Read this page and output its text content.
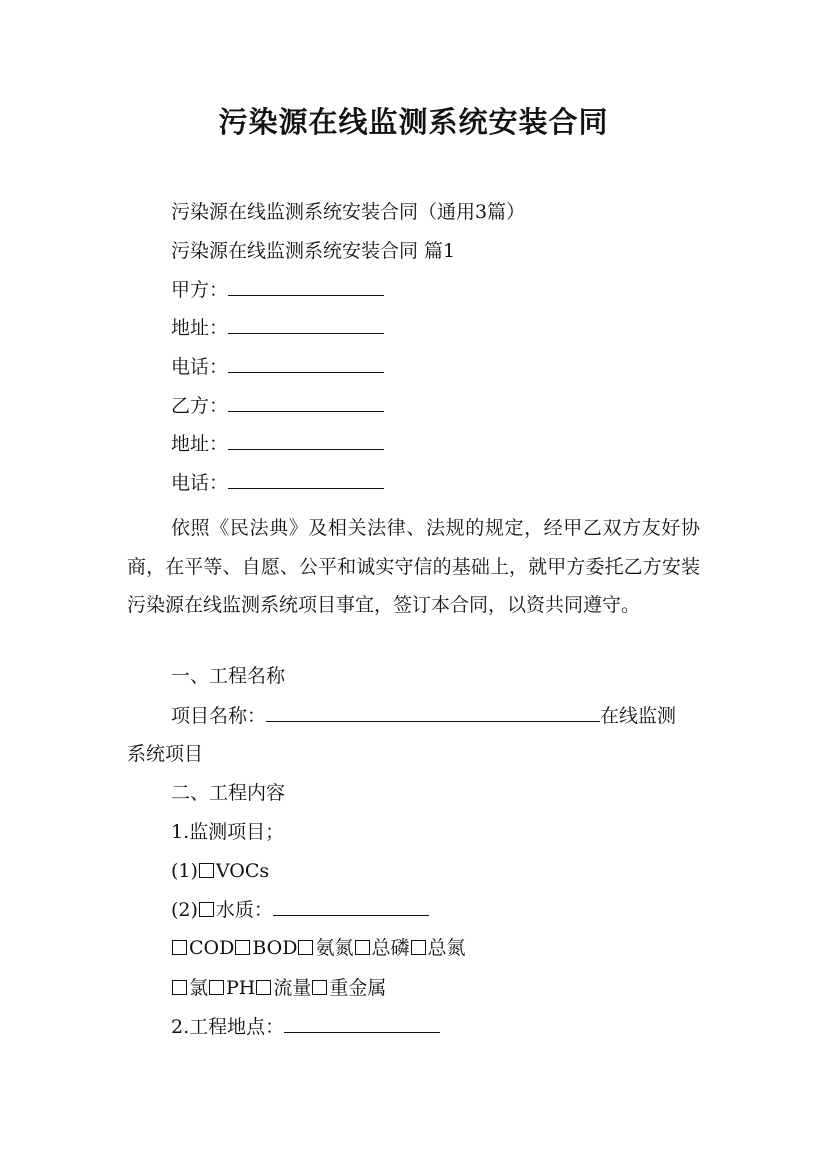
污染源在线监测系统安装合同
污染源在线监测系统安装合同（通用3篇）
污染源在线监测系统安装合同 篇1
甲方：
地址：
电话：
乙方：
地址：
电话：
依照《民法典》及相关法律、法规的规定，经甲乙双方友好协商，在平等、自愿、公平和诚实守信的基础上，就甲方委托乙方安装污染源在线监测系统项目事宜，签订本合同，以资共同遵守。
一、工程名称
项目名称：	在线监测
系统项目
二、工程内容
1.监测项目；
(1) VOCs
(2) 水质：
COD BOD 氨氮 总磷 总氮
氯 PH 流量 重金属
2.工程地点：
